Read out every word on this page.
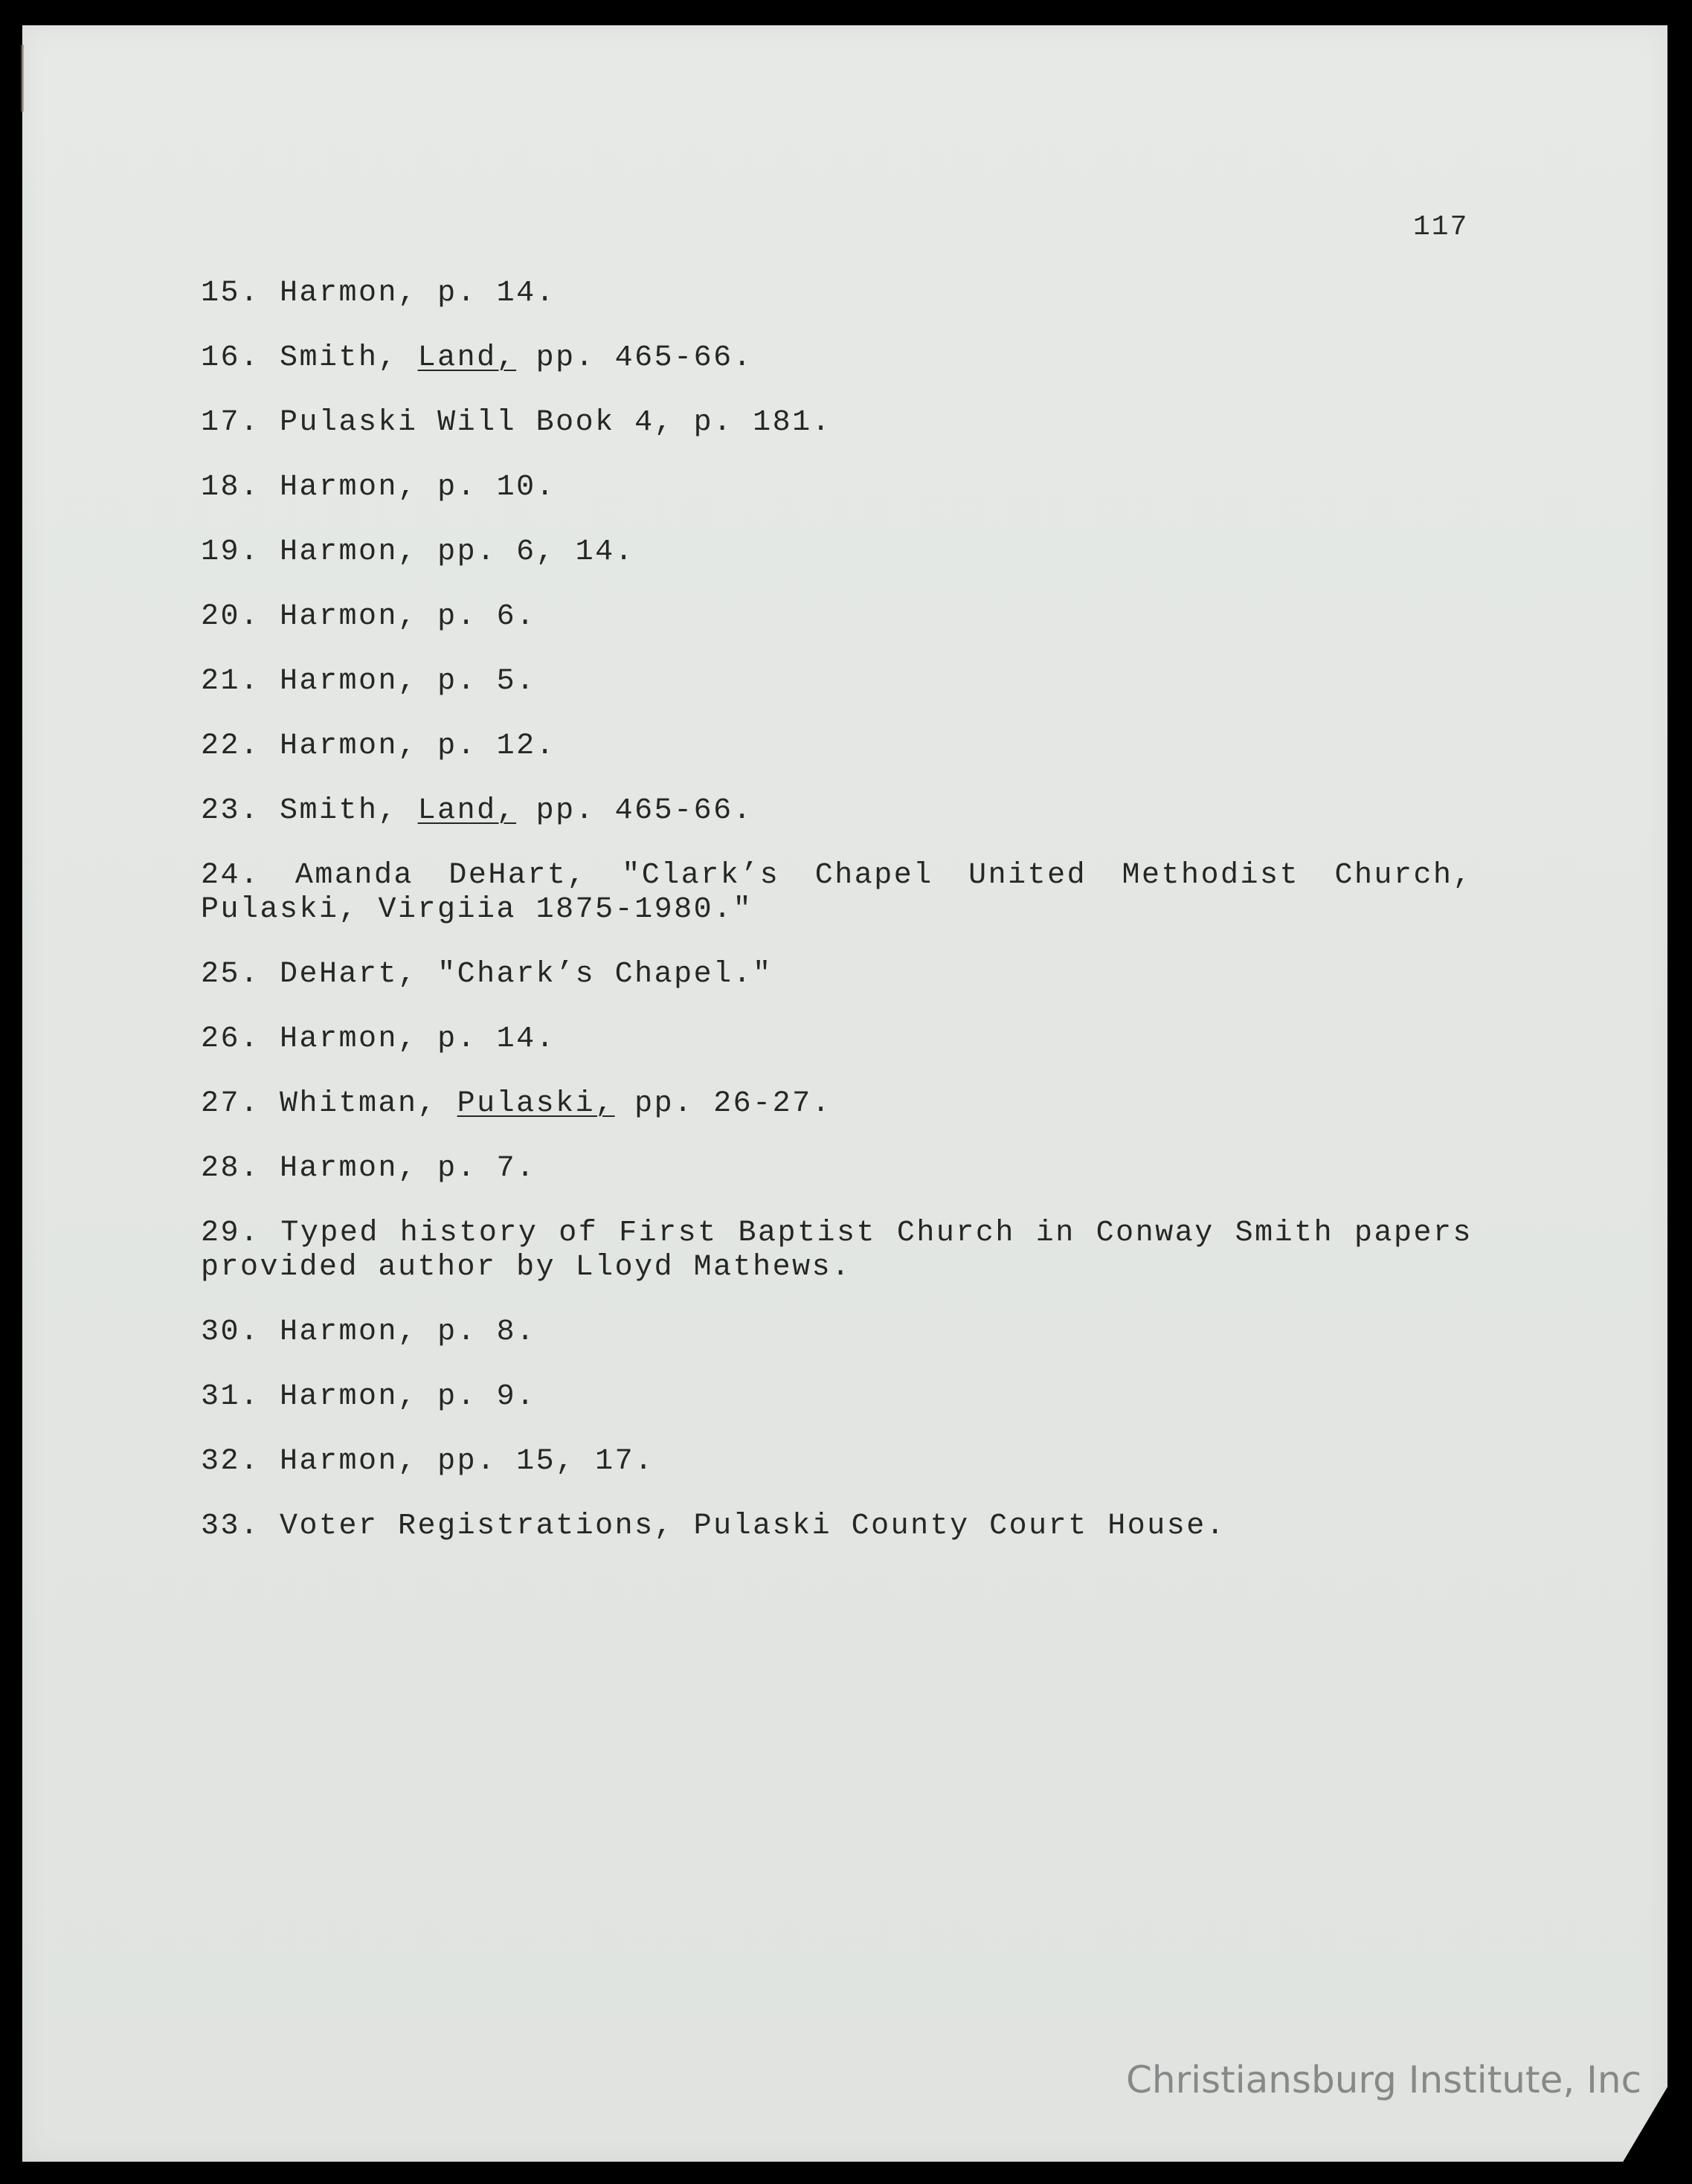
117
15. Harmon, p. 14.
16. Smith, Land, pp. 465-66.
17. Pulaski Will Book 4, p. 181.
18. Harmon, p. 10.
19. Harmon, pp. 6, 14.
20. Harmon, p. 6.
21. Harmon, p. 5.
22. Harmon, p. 12.
23. Smith, Land, pp. 465-66.
24. Amanda DeHart, "Clark’s Chapel United Methodist Church, Pulaski, Virgiia 1875-1980."
25. DeHart, "Chark’s Chapel."
26. Harmon, p. 14.
27. Whitman, Pulaski, pp. 26-27.
28. Harmon, p. 7.
29. Typed history of First Baptist Church in Conway Smith papers provided author by Lloyd Mathews.
30. Harmon, p. 8.
31. Harmon, p. 9.
32. Harmon, pp. 15, 17.
33. Voter Registrations, Pulaski County Court House.
Christiansburg Institute, Inc
